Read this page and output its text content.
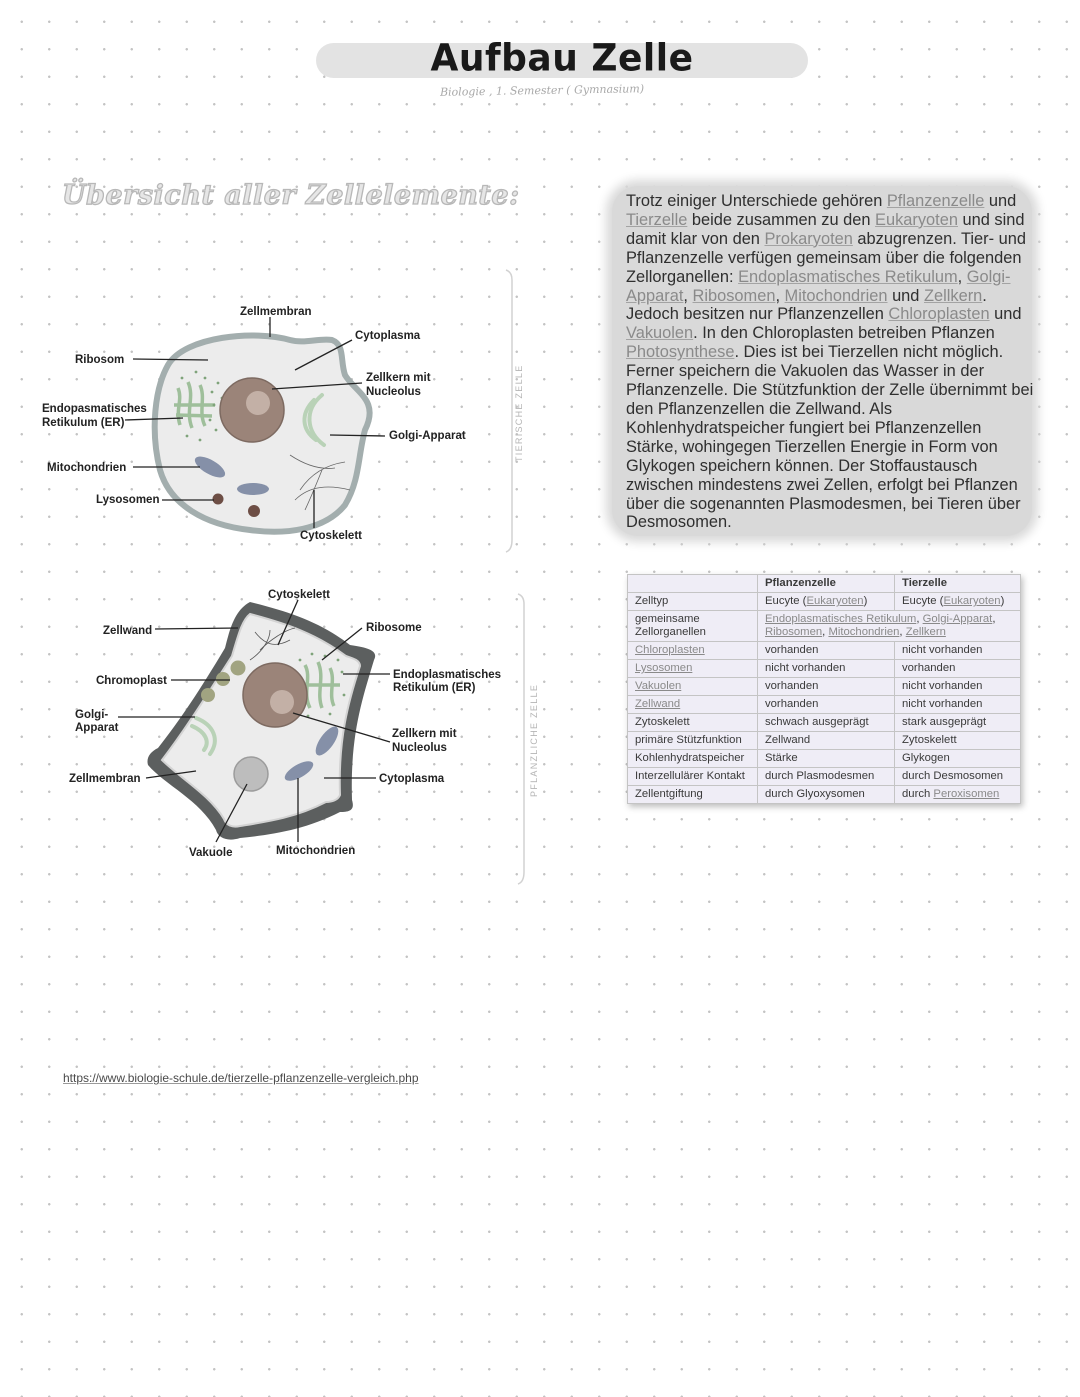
Aufbau Zelle
Biologie , 1. Semester ( Gymnasium)
Übersicht aller Zellelemente:
Zellmembran
Cytoplasma
Ribosom
Zellkern mit
Nucleolus
Endopasmatisches
Retikulum (ER)
Golgi-Apparat
Mitochondrien
Lysosomen
Cytoskelett
TIERISCHE ZELLE
Cytoskelett
Zellwand	Ribosome
Chromoplast	Endoplasmatisches
Retikulum (ER)
Golgi-
Apparat	Zellkern mit
Nucleolus
Zellmembran	Cytoplasma
Vakuole	Mitochondrien
PFLANZLICHE ZELLE
Trotz einiger Unterschiede gehören Pflanzenzelle und Tierzelle beide zusammen zu den Eukaryoten und sind damit klar von den Prokaryoten abzugrenzen. Tier- und Pflanzenzelle verfügen gemeinsam über die folgenden Zellorganellen: Endoplasmatisches Retikulum, Golgi-Apparat, Ribosomen, Mitochondrien und Zellkern. Jedoch besitzen nur Pflanzenzellen Chloroplasten und Vakuolen. In den Chloroplasten betreiben Pflanzen Photosynthese. Dies ist bei Tierzellen nicht möglich. Ferner speichern die Vakuolen das Wasser in der Pflanzenzelle. Die Stützfunktion der Zelle übernimmt bei den Pflanzenzellen die Zellwand. Als Kohlenhydratspeicher fungiert bei Pflanzenzellen Stärke, wohingegen Tierzellen Energie in Form von Glykogen speichern können. Der Stoffaustausch zwischen mindestens zwei Zellen, erfolgt bei Pflanzen über die sogenannten Plasmodesmen, bei Tieren über Desmosomen.
	Pflanzenzelle	Tierzelle
Zelltyp	Eucyte (Eukaryoten)	Eucyte (Eukaryoten)
gemeinsame Zellorganellen	Endoplasmatisches Retikulum, Golgi-Apparat,
Ribosomen, Mitochondrien, Zellkern	
Chloroplasten	vorhanden	nicht vorhanden
Lysosomen	nicht vorhanden	vorhanden
Vakuolen	vorhanden	nicht vorhanden
Zellwand	vorhanden	nicht vorhanden
Zytoskelett	schwach ausgeprägt	stark ausgeprägt
primäre Stützfunktion	Zellwand	Zytoskelett
Kohlenhydratspeicher	Stärke	Glykogen
Interzellulärer Kontakt	durch Plasmodesmen	durch Desmosomen
Zellentgiftung	durch Glyoxysomen	durch Peroxisomen
https://www.biologie-schule.de/tierzelle-pflanzenzelle-vergleich.php
